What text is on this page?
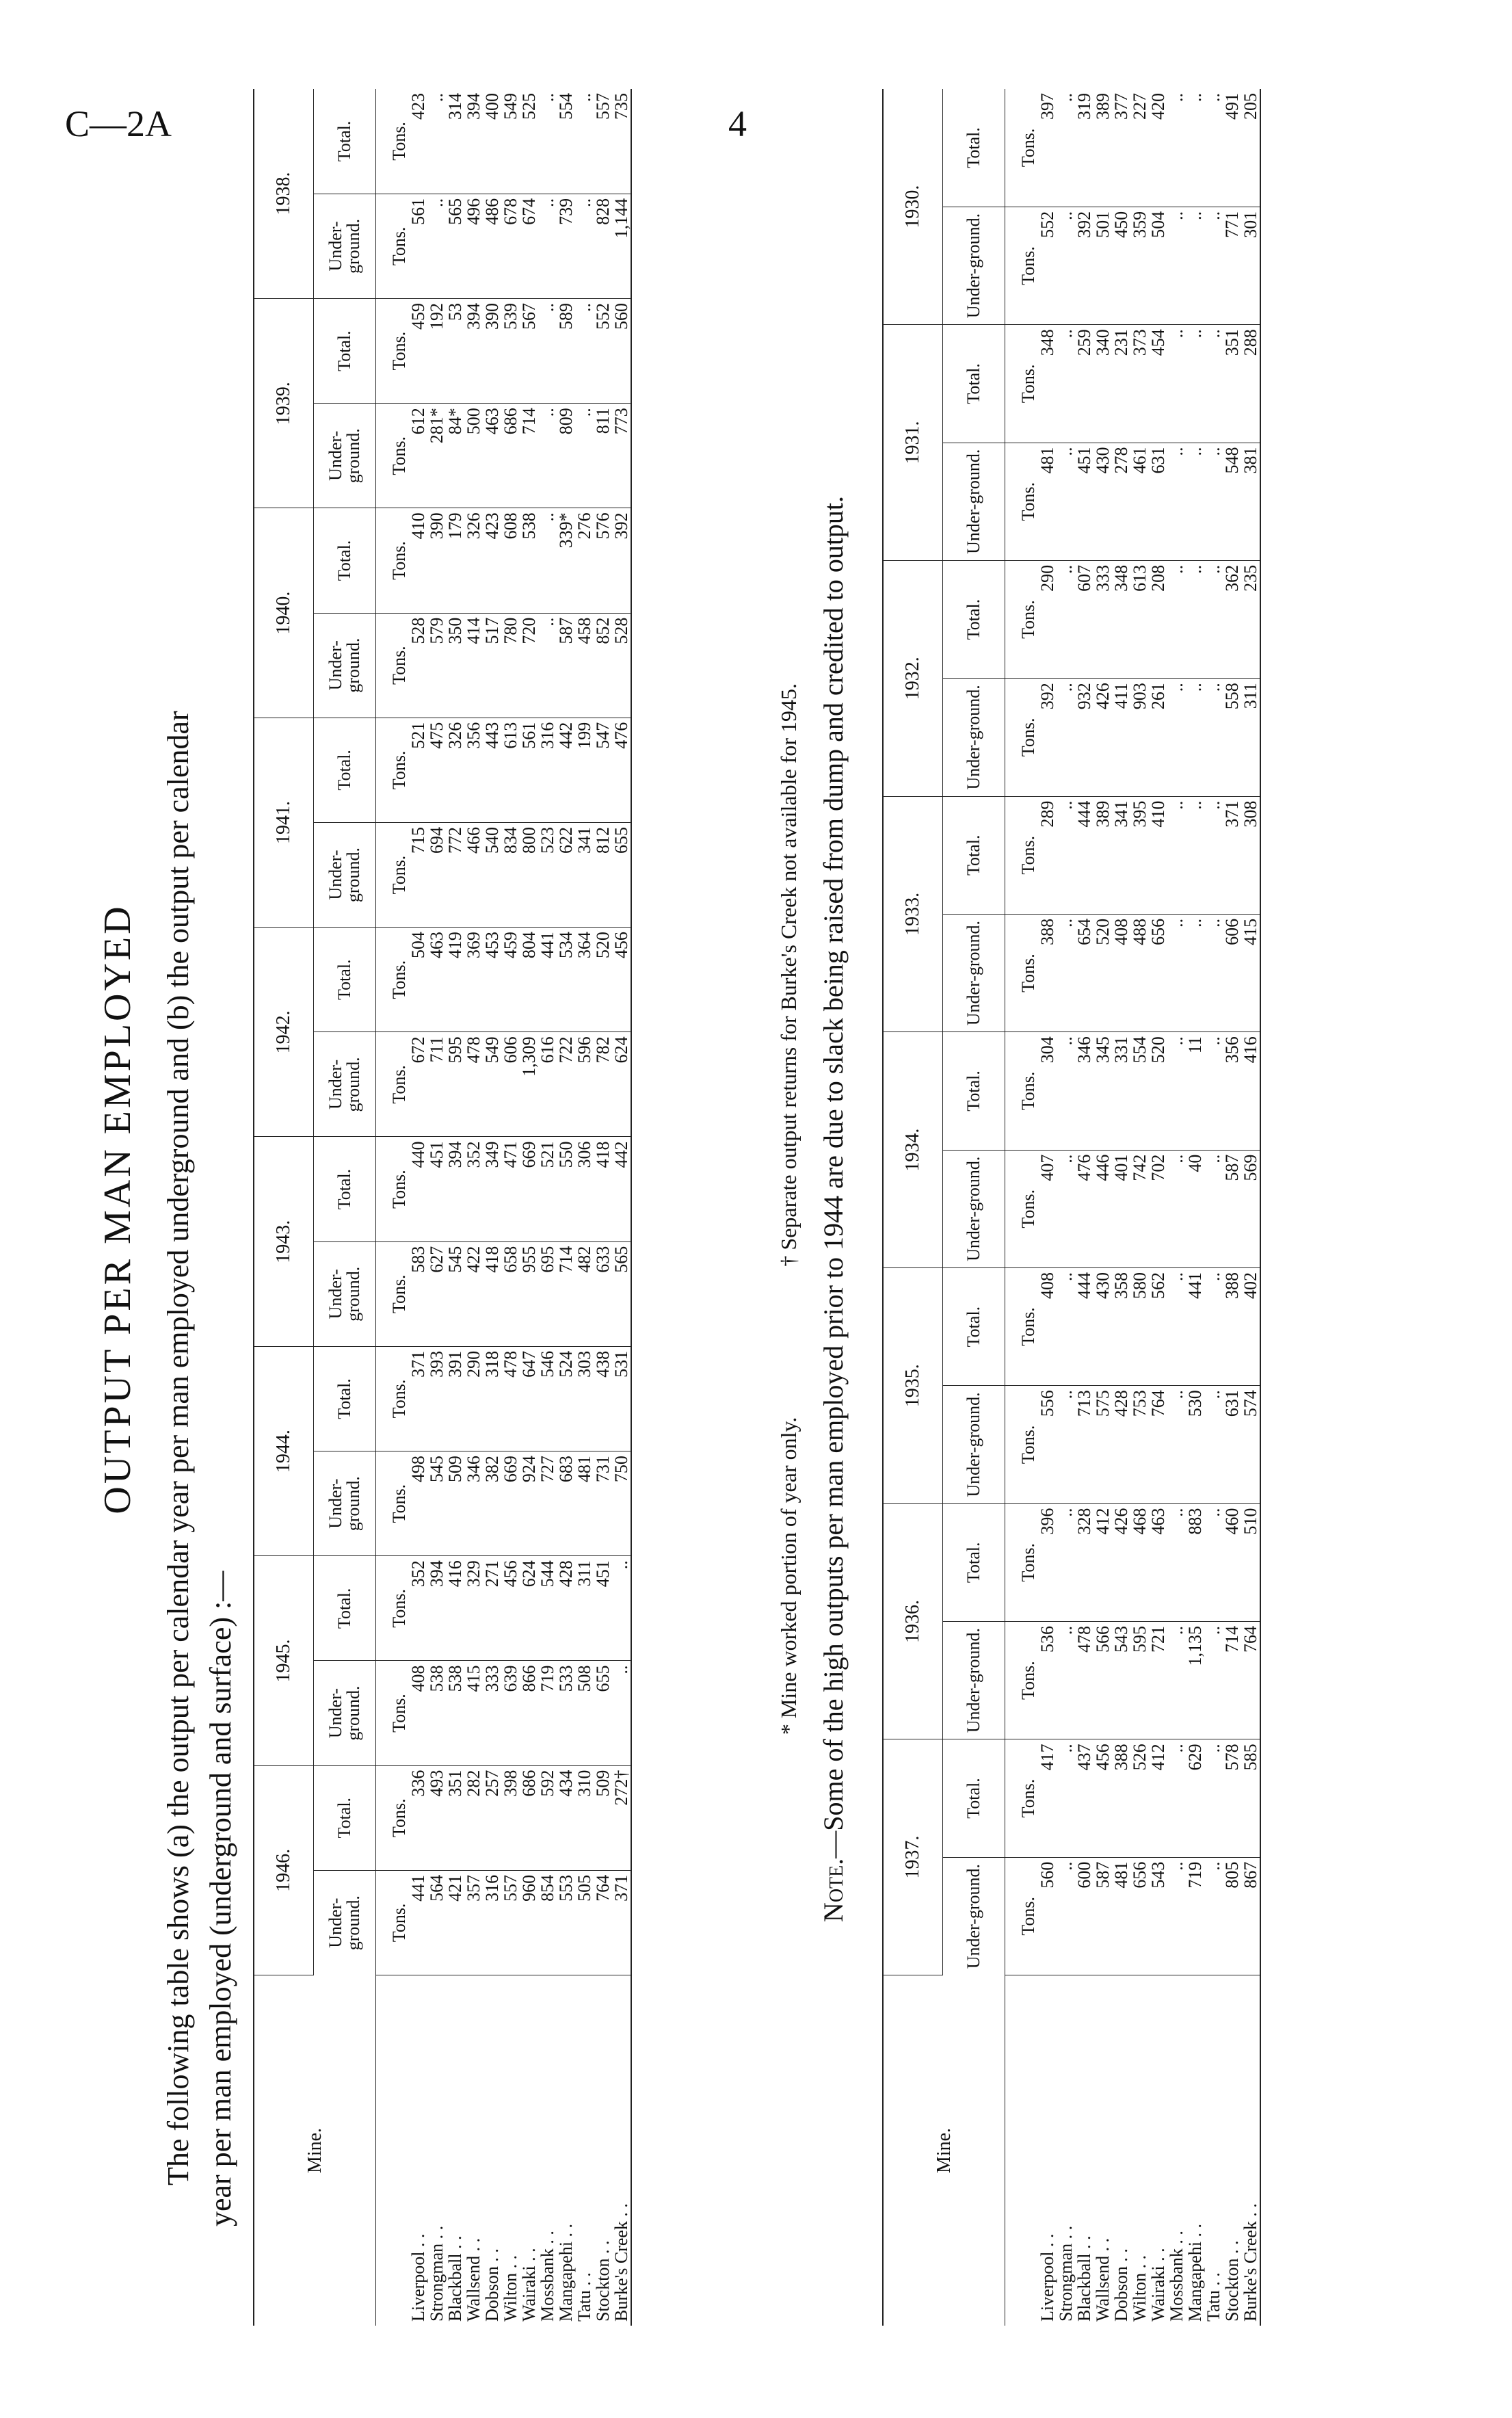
C—2A	4
OUTPUT PER MAN EMPLOYED The following table shows (a) the output per calendar year per man employed underground and (b) the output per calendar year per man employed (underground and surface) :—	Mine.	1946.		1945.		1944.		1943.		1942.		1941.		1940.		1939.		1938.	
	Under-ground.	Total.	Under-ground.	Total.	Under-ground.	Total.	Under-ground.	Total.	Under-ground.	Total.	Under-ground.	Total.	Under-ground.	Total.	Under-ground.	Total.	Under-ground.	Total.
	Tons.	Tons.	Tons.	Tons.	Tons.	Tons.	Tons.	Tons.	Tons.	Tons.	Tons.	Tons.	Tons.	Tons.	Tons.	Tons.	Tons.	Tons.
Liverpool . .	441	336	408	352	498	371	583	440	672	504	715	521	528	410	612	459	561	423
Strongman . .	564	493	538	394	545	393	627	451	711	463	694	475	579	390	281*	192	..	..
Blackball . .	421	351	538	416	509	391	545	394	595	419	772	326	350	179	84*	53	565	314
Wallsend . .	357	282	415	329	346	290	422	352	478	369	466	356	414	326	500	394	496	394
Dobson . .	316	257	333	271	382	318	418	349	549	453	540	443	517	423	463	390	486	400
Wilton . .	557	398	639	456	669	478	658	471	606	459	834	613	780	608	686	539	678	549
Wairaki . .	960	686	866	624	924	647	955	669	1,309	804	800	561	720	538	714	567	674	525
Mossbank . .	854	592	719	544	727	546	695	521	616	441	523	316	..	..	..	..	..	..
Mangapehi . .	553	434	533	428	683	524	714	550	722	534	622	442	587	339*	809	589	739	554
Tatu . .	505	310	508	311	481	303	482	306	596	364	341	199	458	276	..	..	..	..
Stockton . .	764	509	655	451	731	438	633	418	782	520	812	547	852	576	811	552	828	557
Burke's Creek . .	371	272†	..	..	750	531	565	442	624	456	655	476	528	392	773	560	1,144	735
* Mine worked portion of year only.† Separate output returns for Burke's Creek not available for 1945.
Note.—Some of the high outputs per man employed prior to 1944 are due to slack being raised from dump and credited to output.
Mine.	1937.		1936.		1935.		1934.		1933.		1932.		1931.		1930.	
	Under-ground.	Total.	Under-ground.	Total.	Under-ground.	Total.	Under-ground.	Total.	Under-ground.	Total.	Under-ground.	Total.	Under-ground.	Total.	Under-ground.	Total.
	Tons.	Tons.	Tons.	Tons.	Tons.	Tons.	Tons.	Tons.	Tons.	Tons.	Tons.	Tons.	Tons.	Tons.	Tons.	Tons.
Liverpool . .	560	417	536	396	556	408	407	304	388	289	392	290	481	348	552	397
Strongman . .	..	..	..	..	..	..	..	..	..	..	..	..	..	..	..	..
Blackball . .	600	437	478	328	713	444	476	346	654	444	932	607	451	259	392	319
Wallsend . .	587	456	566	412	575	430	446	345	520	389	426	333	430	340	501	389
Dobson . .	481	388	543	426	428	358	401	331	408	341	411	348	278	231	450	377
Wilton . .	656	526	595	468	753	580	742	554	488	395	903	613	461	373	359	227
Wairaki . .	543	412	721	463	764	562	702	520	656	410	261	208	631	454	504	420
Mossbank . .	..	..	..	..	..	..	..	..	..	..	..	..	..	..	..	..
Mangapehi . .	719	629	1,135	883	530	441	40	11	..	..	..	..	..	..	..	..
Tatu . .	..	..	..	..	..	..	..	..	..	..	..	..	..	..	..	..
Stockton . .	805	578	714	460	631	388	587	356	606	371	558	362	548	351	771	491
Burke's Creek . .	867	585	764	510	574	402	569	416	415	308	311	235	381	288	301	205
